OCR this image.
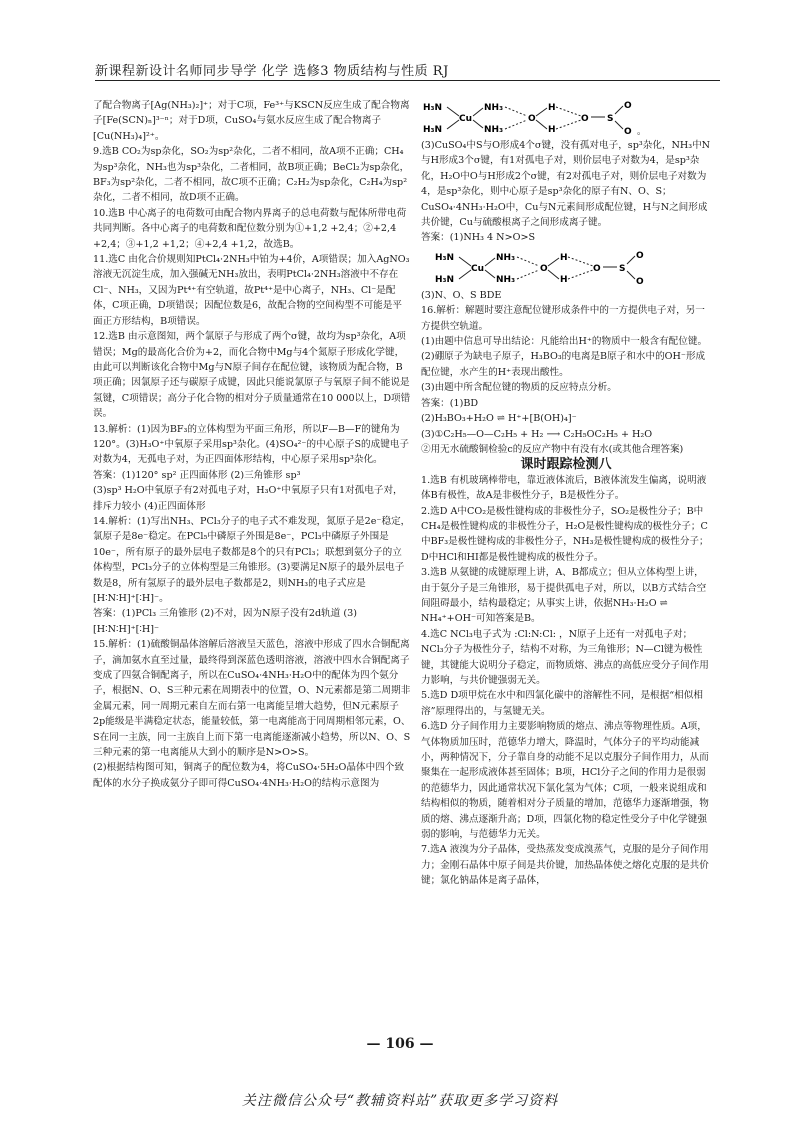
新课程新设计名师同步导学 化学 选修3 物质结构与性质 RJ
了配合物离子[Ag(NH₃)₂]⁺；对于C项，Fe³⁺与KSCN反应生成了配合物离子[Fe(SCN)ₙ]³⁻ⁿ；对于D项，CuSO₄与氨水反应生成了配合物离子[Cu(NH₃)₄]²⁺。
9.选B CO₂为sp杂化，SO₂为sp²杂化，二者不相同，故A项不正确；CH₄为sp³杂化，NH₃也为sp³杂化，二者相同，故B项正确；BeCl₂为sp杂化，BF₃为sp²杂化，二者不相同，故C项不正确；C₂H₂为sp杂化，C₂H₄为sp²杂化，二者不相同，故D项不正确。
10.选B 中心离子的电荷数可由配合物内界离子的总电荷数与配体所带电荷共同判断。各中心离子的电荷数和配位数分别为①+1,2 +2,4；②+2,4 +2,4；③+1,2 +1,2；④+2,4 +1,2，故选B。
11.选C 由化合价规则知PtCl₄·2NH₃中铂为+4价，A项错误；加入AgNO₃溶液无沉淀生成，加入强碱无NH₃放出，表明PtCl₄·2NH₃溶液中不存在Cl⁻、NH₃，又因为Pt⁴⁺有空轨道，故Pt⁴⁺是中心离子，NH₃、Cl⁻是配体，C项正确，D项错误；因配位数是6，故配合物的空间构型不可能是平面正方形结构，B项错误。
12.选B 由示意图知，两个氯原子与形成了两个σ键，故均为sp³杂化，A项错误；Mg的最高化合价为+2，而化合物中Mg与4个氮原子形成化学键，由此可以判断该化合物中Mg与N原子间存在配位键，该物质为配合物，B项正确；因氯原子还与碳原子成键，因此只能说氯原子与氧原子间不能说是氢键，C项错误；高分子化合物的相对分子质量通常在10 000以上，D项错误。
13.解析：(1)因为BF₃的立体构型为平面三角形，所以F—B—F的键角为120°。(3)H₃O⁺中氧原子采用sp³杂化。(4)SO₄²⁻的中心原子S的成键电子对数为4，无孤电子对，为正四面体形结构，中心原子采用sp³杂化。
答案：(1)120° sp² 正四面体形 (2)三角锥形 sp³
(3)sp³ H₂O中氧原子有2对孤电子对，H₃O⁺中氧原子只有1对孤电子对，排斥力较小 (4)正四面体形
14.解析：(1)写出NH₃、PCl₃分子的电子式不难发现，氮原子是2e⁻稳定，氯原子是8e⁻稳定。在PCl₅中磷原子外围是8e⁻，PCl₃中磷原子外围是10e⁻，所有原子的最外层电子数都是8个的只有PCl₃；联想到氨分子的立体构型，PCl₃分子的立体构型是三角锥形。(3)要满足N原子的最外层电子数是8，所有氢原子的最外层电子数都是2，则NH₃的电子式应是[H∶N∶H]⁺[∶H]⁻。
答案：(1)PCl₃ 三角锥形 (2)不对，因为N原子没有2d轨道 (3)[H∶N∶H]⁺[∶H]⁻
15.解析：(1)硫酸铜晶体溶解后溶液呈天蓝色，溶液中形成了四水合铜配离子，滴加氨水直至过量，最终得到深蓝色透明溶液，溶液中四水合铜配离子变成了四氨合铜配离子，所以在CuSO₄·4NH₃·H₂O中的配体为四个氨分子，根据N、O、S三种元素在周期表中的位置，O、N元素都是第二周期非金属元素，同一周期元素自左而右第一电离能呈增大趋势，但N元素原子2p能级是半满稳定状态，能量较低，第一电离能高于同周期相邻元素，O、S在同一主族，同一主族自上而下第一电离能逐渐减小趋势，所以N、O、S三种元素的第一电离能从大到小的顺序是N>O>S。
(2)根据结构图可知，铜离子的配位数为4，将CuSO₄·5H₂O晶体中四个致配体的水分子换成氨分子即可得CuSO₄·4NH₃·H₂O的结构示意图为
H₃N
H₃N
Cu
NH₃
NH₃
O
H
H
O S
O
O 。
(3)CuSO₄中S与O形成4个σ键，没有孤对电子，sp³杂化，NH₃中N与H形成3个σ键，有1对孤电子对，则价层电子对数为4，是sp³杂化，H₂O中O与H形成2个σ键，有2对孤电子对，则价层电子对数为4，是sp³杂化，则中心原子是sp³杂化的原子有N、O、S；CuSO₄·4NH₃·H₂O中，Cu与N元素间形成配位键，H与N之间形成共价键，Cu与硫酸根离子之间形成离子键。
答案：(1)NH₃ 4 N>O>S
H₃N
H₃N
Cu
NH₃
NH₃
O
H
H
O S
O
O
(3)N、O、S BDE
16.解析：解题时要注意配位键形成条件中的一方提供电子对，另一方提供空轨道。
(1)由题中信息可导出结论：凡能给出H⁺的物质中一般含有配位键。
(2)硼原子为缺电子原子，H₃BO₃的电离是B原子和水中的OH⁻形成配位键，水产生的H⁺表现出酸性。
(3)由题中所含配位键的物质的反应特点分析。
答案：(1)BD
(2)H₃BO₃+H₂O ⇌ H⁺+[B(OH)₄]⁻
(3)①C₂H₅—O—C₂H₅ + H₂ ⟶ C₂H₅OC₂H₅ + H₂O
②用无水硫酸铜检验c的反应产物中有没有水(或其他合理答案)
课时跟踪检测八
1.选B 有机玻璃棒带电，靠近液体流后，B液体流发生偏离，说明液体B有极性，故A是非极性分子，B是极性分子。
2.选D A中CO₂是极性键构成的非极性分子，SO₂是极性分子；B中CH₄是极性键构成的非极性分子，H₂O是极性键构成的极性分子；C中BF₃是极性键构成的非极性分子，NH₃是极性键构成的极性分子；D中HCl和HI都是极性键构成的极性分子。
3.选B 从氨键的成键原理上讲，A、B都成立；但从立体构型上讲，由于氨分子是三角锥形，易于提供孤电子对，所以，以B方式结合空间阻碍最小，结构最稳定；从事实上讲，依据NH₃·H₂O ⇌ NH₄⁺+OH⁻可知答案是B。
4.选C NCl₃电子式为 :Cl:N:Cl: ，N原子上还有一对孤电子对；NCl₃分子为极性分子，结构不对称，为三角锥形；N—Cl键为极性键，其键能大说明分子稳定，而物质熔、沸点的高低应受分子间作用力影响，与共价键强弱无关。
5.选D D项甲烷在水中和四氯化碳中的溶解性不同，是根据“相似相溶”原理得出的，与氢键无关。
6.选D 分子间作用力主要影响物质的熔点、沸点等物理性质。A项，气体物质加压时，范德华力增大，降温时，气体分子的平均动能减小，两种情况下，分子靠自身的动能不足以克服分子间作用力，从而聚集在一起形成液体甚至固体；B项，HCl分子之间的作用力是很弱的范德华力，因此通常状况下氯化氢为气体；C项，一般来说组成和结构相似的物质，随着相对分子质量的增加，范德华力逐渐增强，物质的熔、沸点逐渐升高；D项，四氯化物的稳定性受分子中化学键强弱的影响，与范德华力无关。
7.选A 液溴为分子晶体，受热蒸发变成溴蒸气，克服的是分子间作用力；金刚石晶体中原子间是共价键，加热晶体使之熔化克服的是共价键；氯化钠晶体是离子晶体，
— 106 —
关注微信公众号“教辅资料站”获取更多学习资料
